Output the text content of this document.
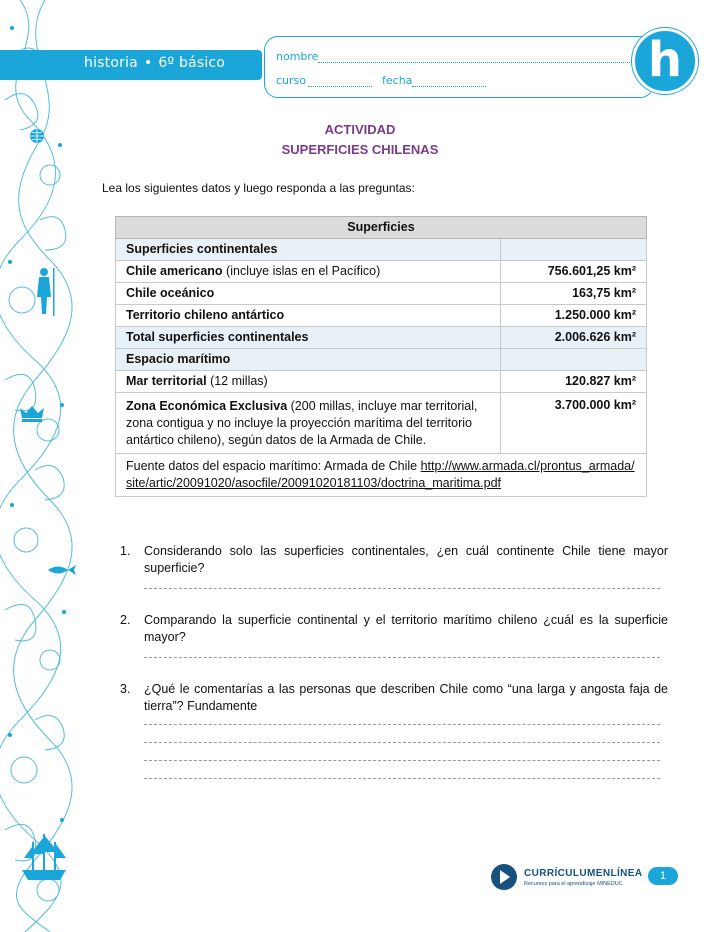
historia • 6º básico	nombre
curso	fecha	h
ACTIVIDAD
SUPERFICIES CHILENAS
Lea los siguientes datos y luego responda a las preguntas:
Superficies	
Superficies continentales	
Chile americano (incluye islas en el Pacífico)	756.601,25 km²
Chile oceánico	163,75 km²
Territorio chileno antártico	1.250.000 km²
Total superficies continentales	2.006.626 km²
Espacio marítimo	
Mar territorial (12 millas)	120.827 km²
Zona Económica Exclusiva (200 millas, incluye mar territorial, zona contigua y no incluye la proyección marítima del territorio antártico chileno), según datos de la Armada de Chile.	3.700.000 km²
Fuente datos del espacio marítimo: Armada de Chile http://www.armada.cl/prontus_armada/site/artic/20091020/asocfile/20091020181103/doctrina_maritima.pdf	
1. Considerando solo las superficies continentales, ¿en cuál continente Chile tiene mayor superficie?
2. Comparando la superficie continental y el territorio marítimo chileno ¿cuál es la superficie mayor?
3. ¿Qué le comentarías a las personas que describen Chile como “una larga y angosta faja de tierra”? Fundamente
CURRÍCULUMENLÍNEA
Recursos para el aprendizaje MINEDUC
1
